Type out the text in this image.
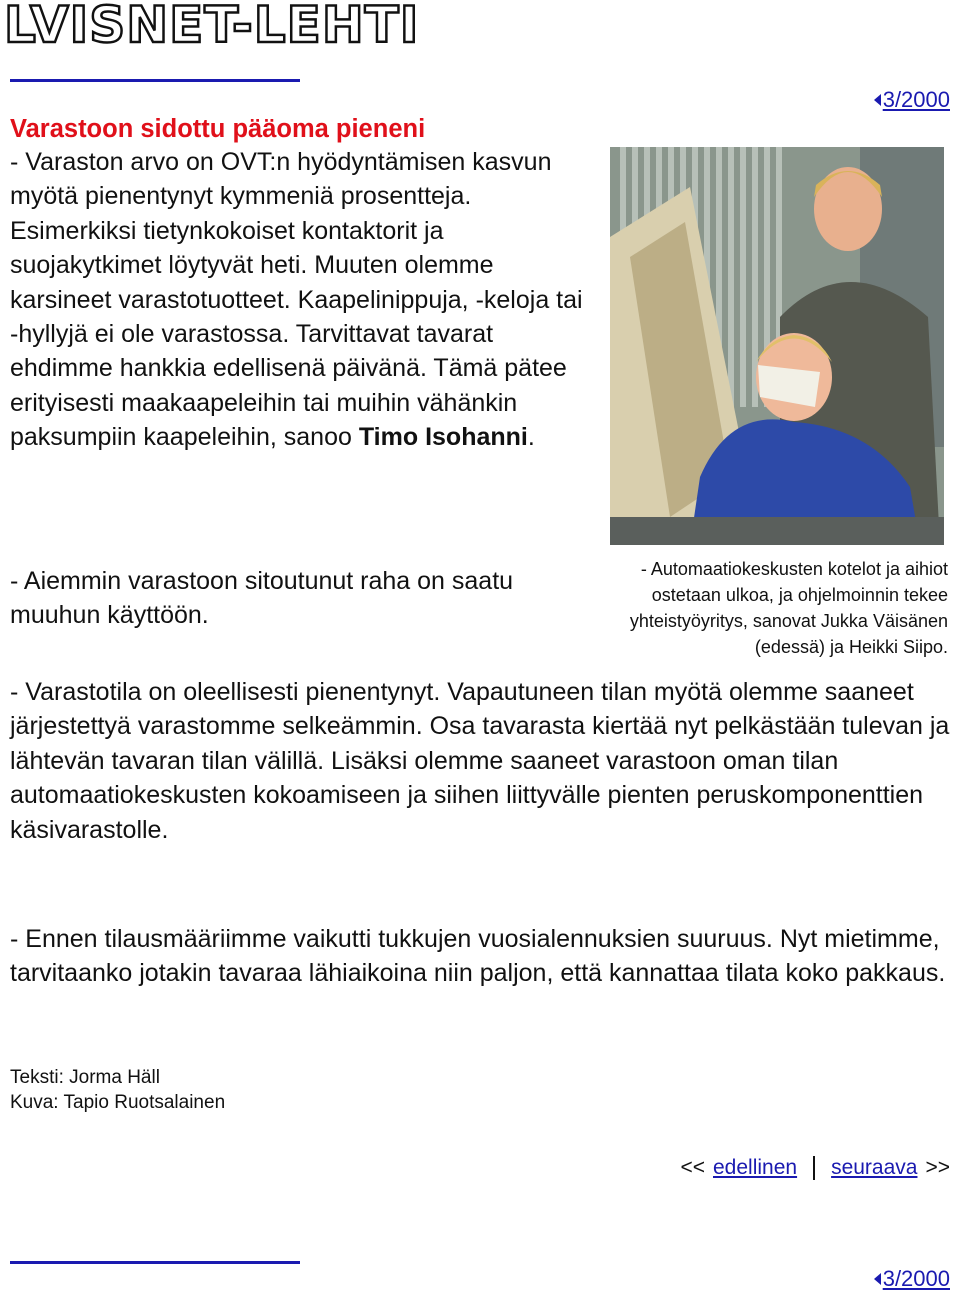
LVISNET-LEHTI
3/2000
Varastoon sidottu pääoma pieneni

- Varaston arvo on OVT:n hyödyntämisen kasvun myötä pienentynyt kymmeniä prosentteja. Esimerkiksi tietynkokoiset kontaktorit ja suojakytkimet löytyvät heti. Muuten olemme karsineet varastotuotteet. Kaapelinippuja, -keloja tai -hyllyjä ei ole varastossa. Tarvittavat tavarat ehdimme hankkia edellisenä päivänä. Tämä pätee erityisesti maakaapeleihin tai muihin vähänkin paksumpiin kaapeleihin, sanoo Timo Isohanni.

- Automaatiokeskusten kotelot ja aihiot ostetaan ulkoa, ja ohjelmoinnin tekee yhteistyöyritys, sanovat Jukka Väisänen (edessä) ja Heikki Siipo.

- Aiemmin varastoon sitoutunut raha on saatu muuhun käyttöön.

- Varastotila on oleellisesti pienentynyt. Vapautuneen tilan myötä olemme saaneet järjestettyä varastomme selkeämmin. Osa tavarasta kiertää nyt pelkästään tulevan ja lähtevän tavaran tilan välillä. Lisäksi olemme saaneet varastoon oman tilan automaatiokeskusten kokoamiseen ja siihen liittyvälle pienten peruskomponenttien käsivarastolle.

- Ennen tilausmääriimme vaikutti tukkujen vuosialennuksien suuruus. Nyt mietimme, tarvitaanko jotakin tavaraa lähiaikoina niin paljon, että kannattaa tilata koko pakkaus.

Teksti: Jorma Häll
Kuva: Tapio Ruotsalainen
<< edellinen seuraava >>
3/2000
